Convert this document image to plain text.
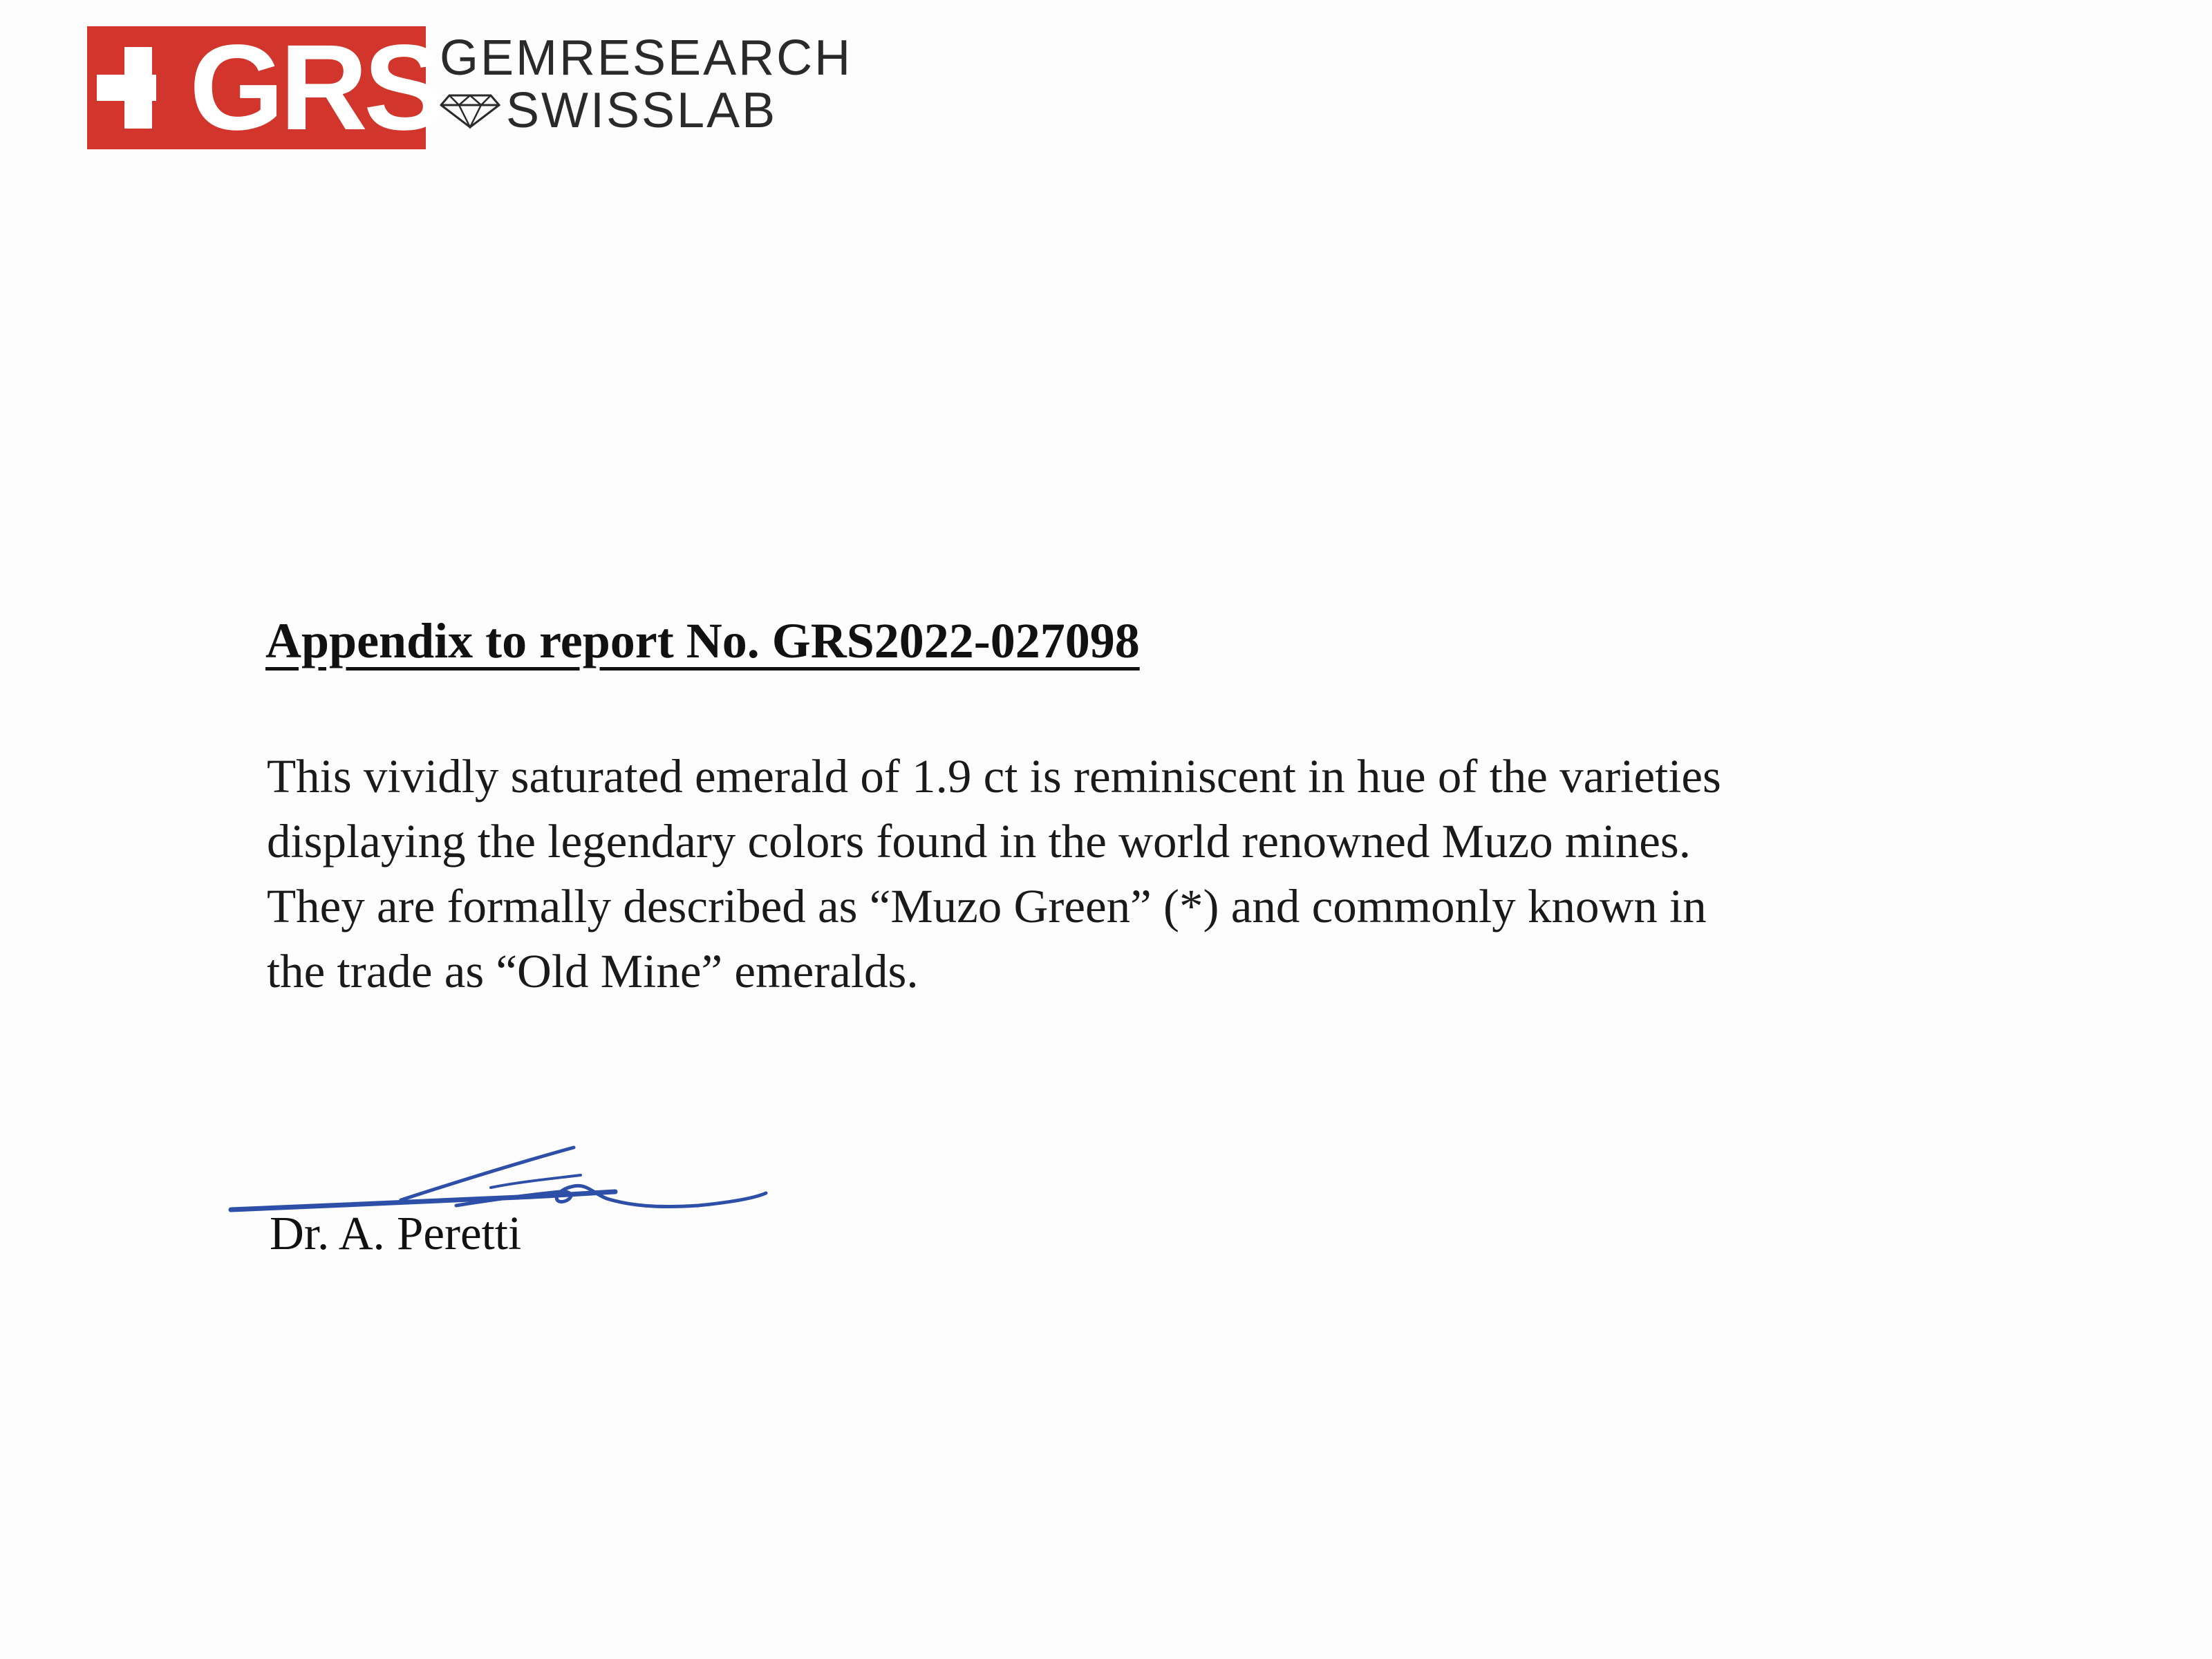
GRS
GEMRESEARCH
SWISSLAB
Appendix to report No. GRS2022-027098
This vividly saturated emerald of 1.9 ct is reminiscent in hue of the varieties
displaying the legendary colors found in the world renowned Muzo mines.
They are formally described as “Muzo Green” (*) and commonly known in
the trade as “Old Mine” emeralds.
Dr. A. Peretti
